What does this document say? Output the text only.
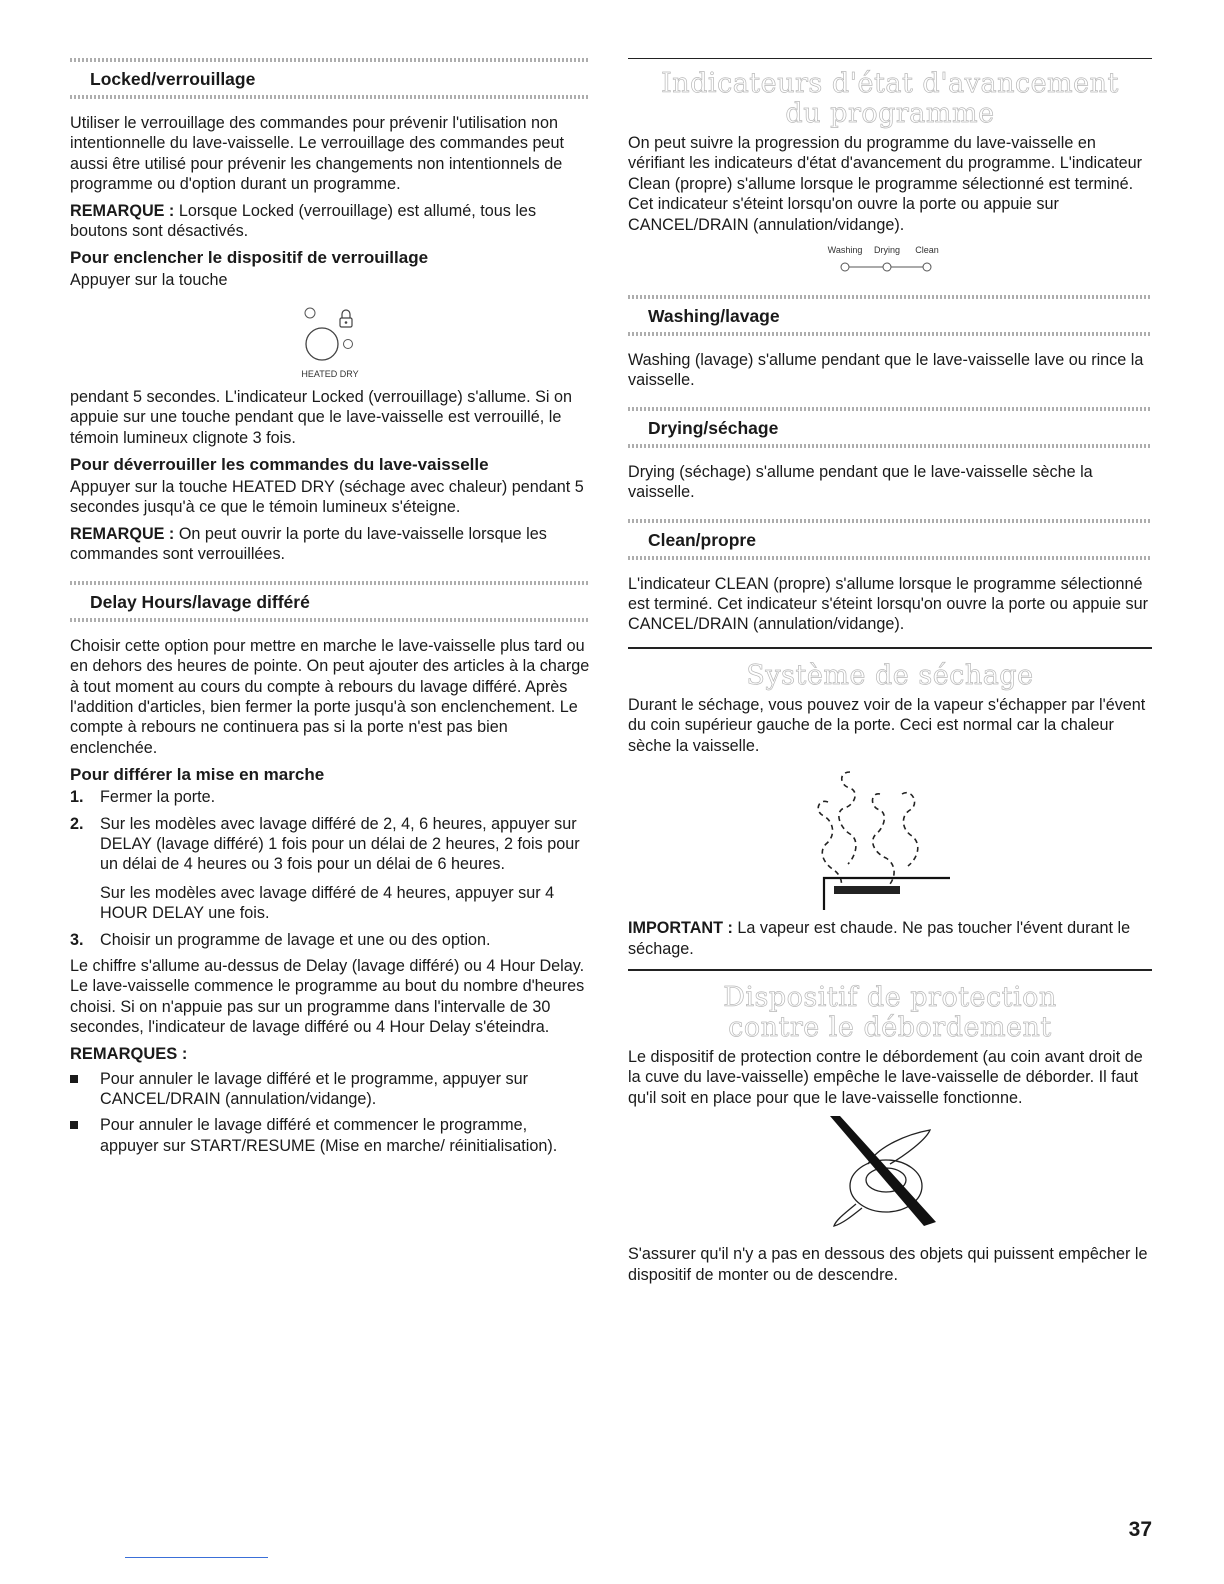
Locked/verrouillage

Utiliser le verrouillage des commandes pour prévenir l'utilisation non intentionnelle du lave-vaisselle. Le verrouillage des commandes peut aussi être utilisé pour prévenir les changements non intentionnels de programme ou d'option durant un programme.

REMARQUE : Lorsque Locked (verrouillage) est allumé, tous les boutons sont désactivés.

Pour enclencher le dispositif de verrouillage

Appuyer sur la touche

HEATED DRY

pendant 5 secondes. L'indicateur Locked (verrouillage) s'allume. Si on appuie sur une touche pendant que le lave-vaisselle est verrouillé, le témoin lumineux clignote 3 fois.

Pour déverrouiller les commandes du lave-vaisselle

Appuyer sur la touche HEATED DRY (séchage avec chaleur) pendant 5 secondes jusqu'à ce que le témoin lumineux s'éteigne.

REMARQUE : On peut ouvrir la porte du lave-vaisselle lorsque les commandes sont verrouillées.

Delay Hours/lavage différé

Choisir cette option pour mettre en marche le lave-vaisselle plus tard ou en dehors des heures de pointe. On peut ajouter des articles à la charge à tout moment au cours du compte à rebours du lavage différé. Après l'addition d'articles, bien fermer la porte jusqu'à son enclenchement. Le compte à rebours ne continuera pas si la porte n'est pas bien enclenchée.

Pour différer la mise en marche
1. Fermer la porte.
2. Sur les modèles avec lavage différé de 2, 4, 6 heures, appuyer sur DELAY (lavage différé) 1 fois pour un délai de 2 heures, 2 fois pour un délai de 4 heures ou 3 fois pour un délai de 6 heures.
Sur les modèles avec lavage différé de 4 heures, appuyer sur 4 HOUR DELAY une fois.
3. Choisir un programme de lavage et une ou des option.

Le chiffre s'allume au-dessus de Delay (lavage différé) ou 4 Hour Delay. Le lave-vaisselle commence le programme au bout du nombre d'heures choisi. Si on n'appuie pas sur un programme dans l'intervalle de 30 secondes, l'indicateur de lavage différé ou 4 Hour Delay s'éteindra.

REMARQUES :
Pour annuler le lavage différé et le programme, appuyer sur CANCEL/DRAIN (annulation/vidange).
Pour annuler le lavage différé et commencer le programme, appuyer sur START/RESUME (Mise en marche/ réinitialisation).
Indicateurs d'état d'avancement
du programme

On peut suivre la progression du programme du lave-vaisselle en vérifiant les indicateurs d'état d'avancement du programme. L'indicateur Clean (propre) s'allume lorsque le programme sélectionné est terminé. Cet indicateur s'éteint lorsqu'on ouvre la porte ou appuie sur CANCEL/DRAIN (annulation/vidange).

Washing Drying Clean
Washing/lavage

Washing (lavage) s'allume pendant que le lave-vaisselle lave ou rince la vaisselle.

Drying/séchage

Drying (séchage) s'allume pendant que le lave-vaisselle sèche la vaisselle.

Clean/propre

L'indicateur CLEAN (propre) s'allume lorsque le programme sélectionné est terminé. Cet indicateur s'éteint lorsqu'on ouvre la porte ou appuie sur CANCEL/DRAIN (annulation/vidange).

Système de séchage

Durant le séchage, vous pouvez voir de la vapeur s'échapper par l'évent du coin supérieur gauche de la porte. Ceci est normal car la chaleur sèche la vaisselle.

IMPORTANT : La vapeur est chaude. Ne pas toucher l'évent durant le séchage.

Dispositif de protection
contre le débordement

Le dispositif de protection contre le débordement (au coin avant droit de la cuve du lave-vaisselle) empêche le lave-vaisselle de déborder. Il faut qu'il soit en place pour que le lave-vaisselle fonctionne.

S'assurer qu'il n'y a pas en dessous des objets qui puissent empêcher le dispositif de monter ou de descendre.

37
